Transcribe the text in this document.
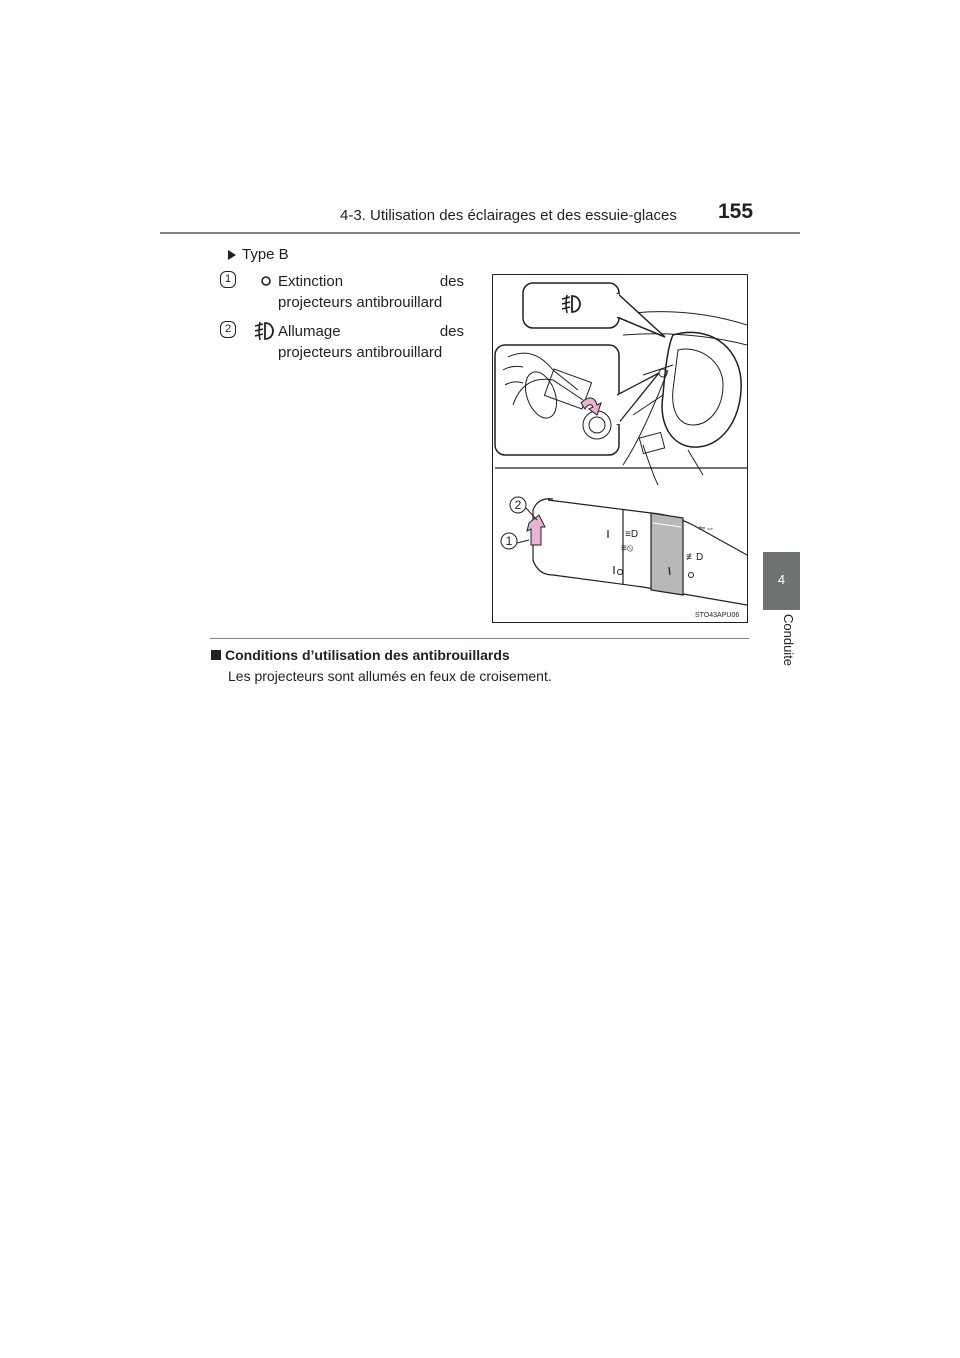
4-3. Utilisation des éclairages et des essuie-glaces 155
4
Conduite
Type B
1	Extinction	des
projecteurs antibrouillard
2	Allumage	des
projecteurs antibrouillard
≡⦸
≡D
≢D
⇐⇔
2
1
STO43APU06
Conditions d’utilisation des antibrouillards
Les projecteurs sont allumés en feux de croisement.
